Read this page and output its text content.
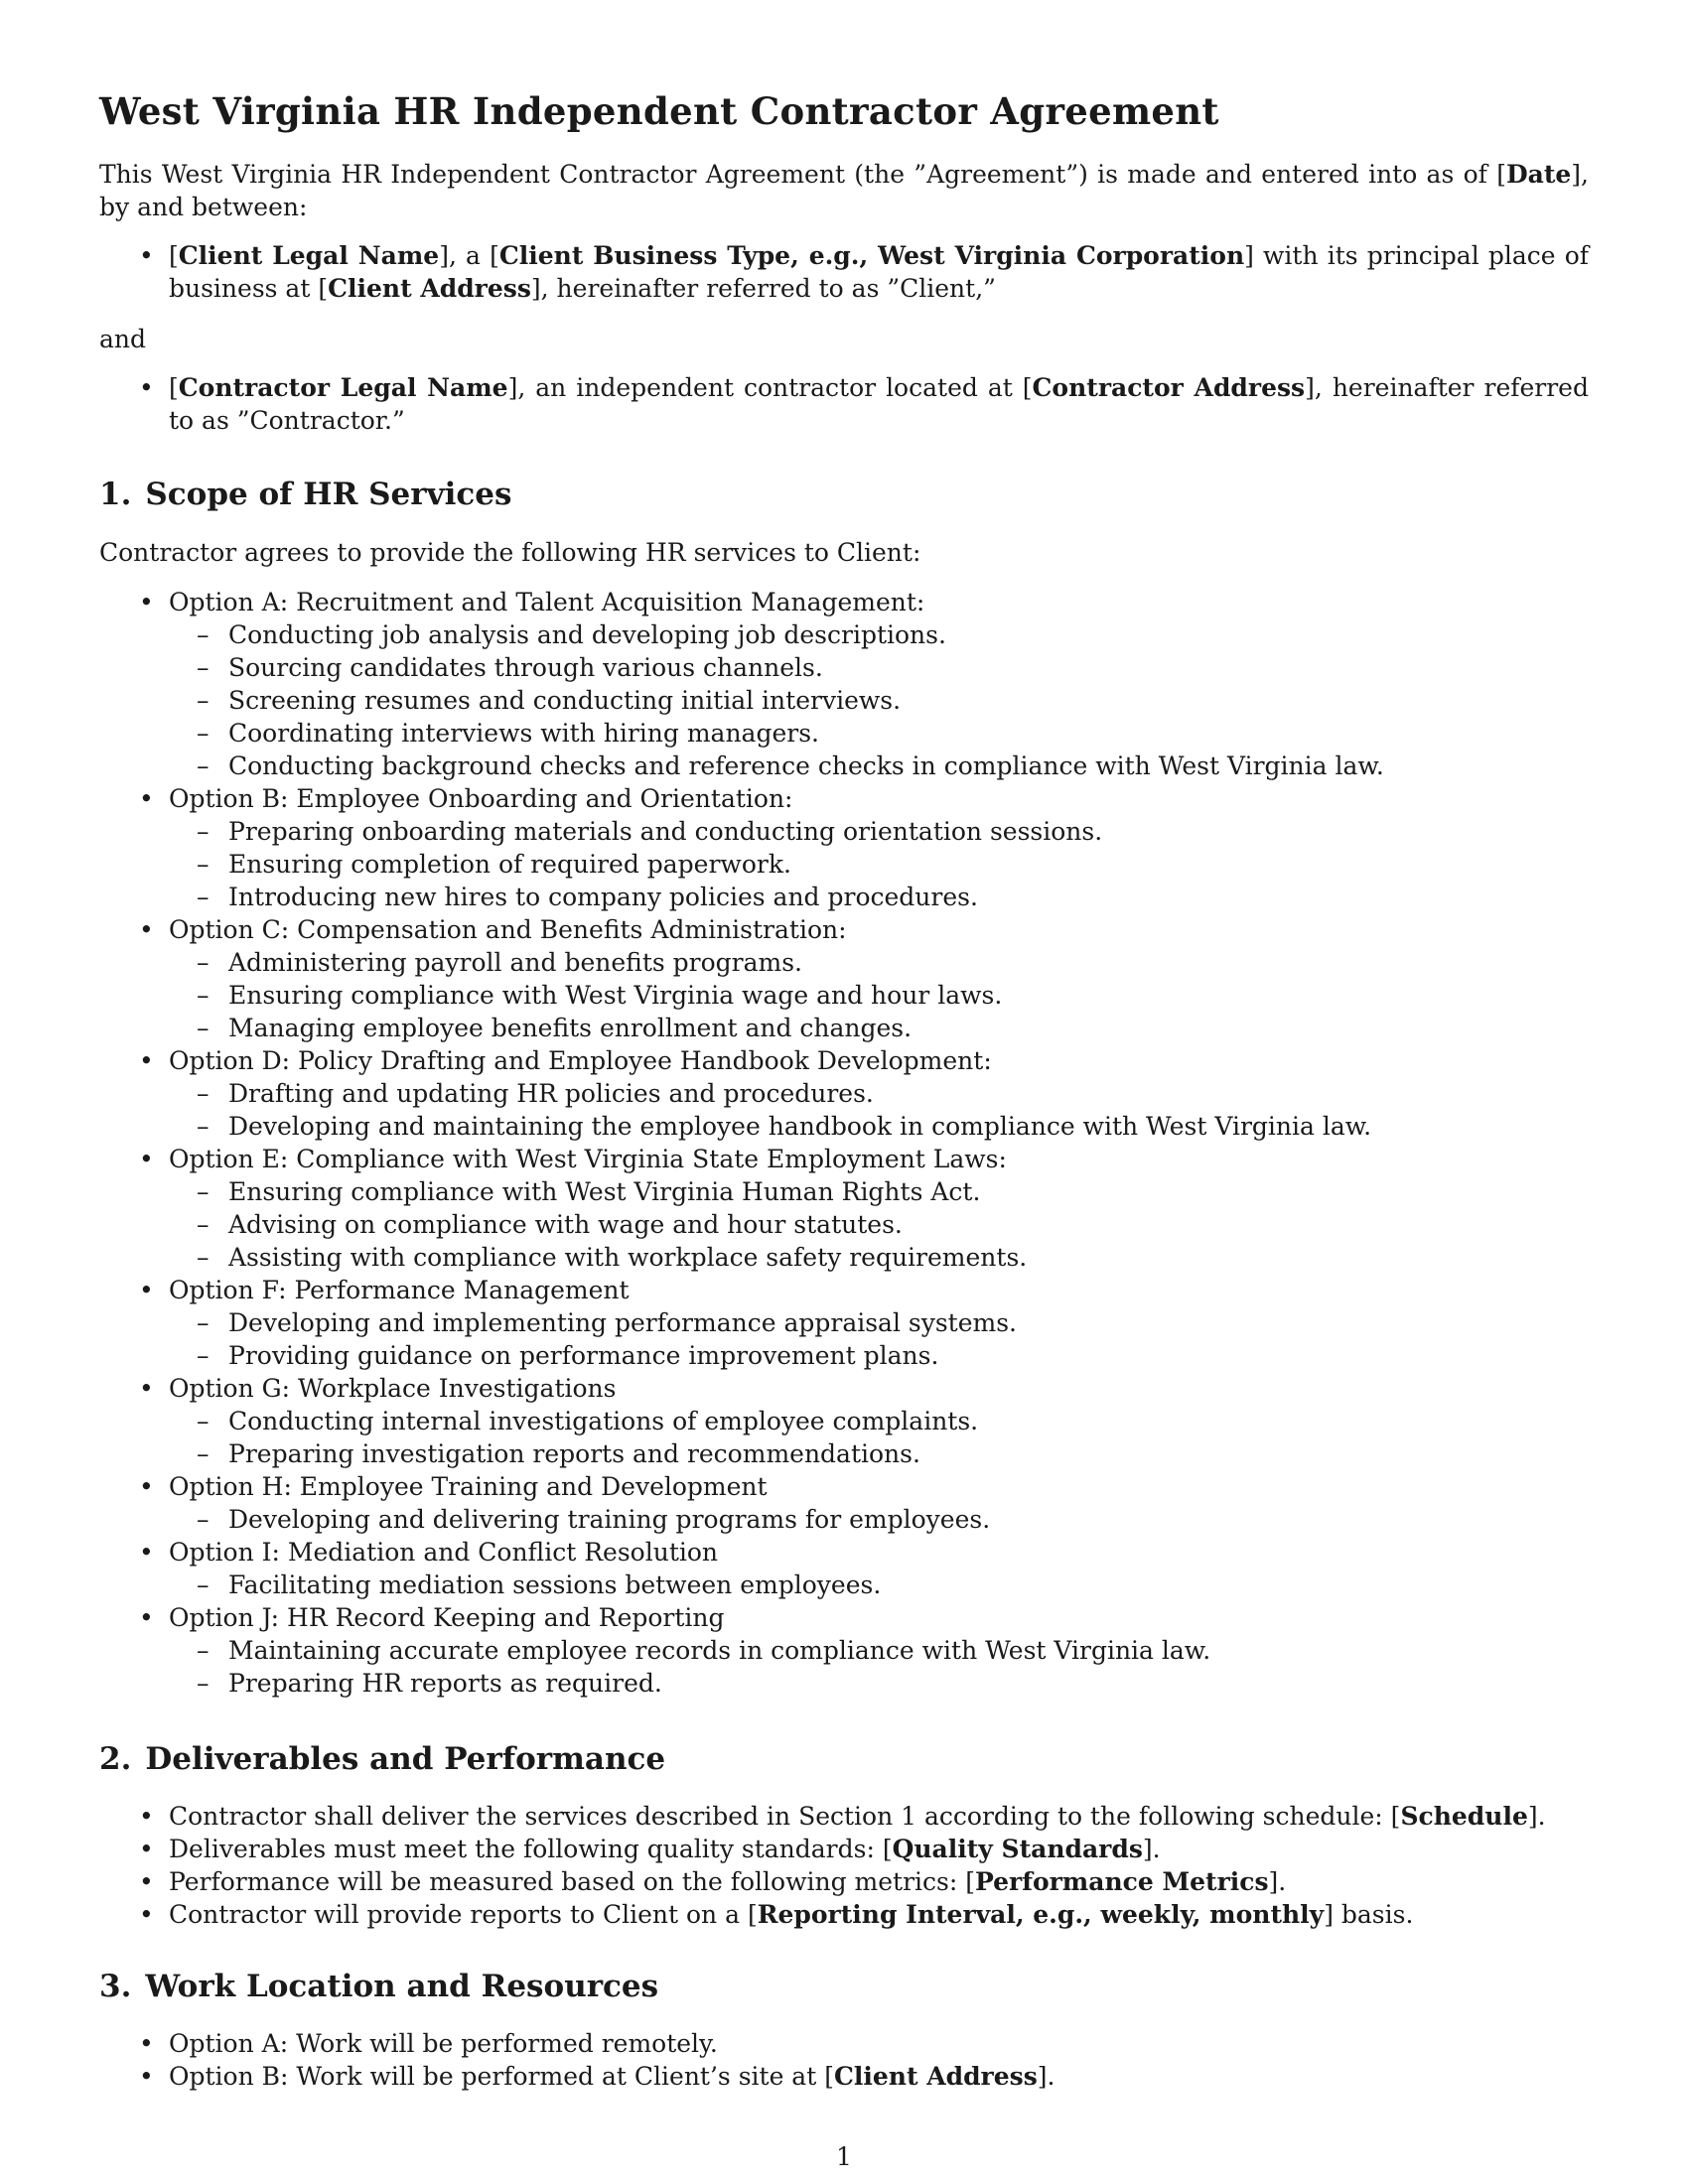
West Virginia HR Independent Contractor Agreement

This West Virginia HR Independent Contractor Agreement (the ”Agreement”) is made and entered into as of [Date], by and between:

• [Client Legal Name], a [Client Business Type, e.g., West Virginia Corporation] with its principal place of business at [Client Address], hereinafter referred to as ”Client,”

and

• [Contractor Legal Name], an independent contractor located at [Contractor Address], hereinafter referred to as ”Contractor.”
1. Scope of HR Services

Contractor agrees to provide the following HR services to Client:

• Option A: Recruitment and Talent Acquisition Management:
– Conducting job analysis and developing job descriptions.
– Sourcing candidates through various channels.
– Screening resumes and conducting initial interviews.
– Coordinating interviews with hiring managers.
– Conducting background checks and reference checks in compliance with West Virginia law.
• Option B: Employee Onboarding and Orientation:
– Preparing onboarding materials and conducting orientation sessions.
– Ensuring completion of required paperwork.
– Introducing new hires to company policies and procedures.
• Option C: Compensation and Benefits Administration:
– Administering payroll and benefits programs.
– Ensuring compliance with West Virginia wage and hour laws.
– Managing employee benefits enrollment and changes.
• Option D: Policy Drafting and Employee Handbook Development:
– Drafting and updating HR policies and procedures.
– Developing and maintaining the employee handbook in compliance with West Virginia law.
• Option E: Compliance with West Virginia State Employment Laws:
– Ensuring compliance with West Virginia Human Rights Act.
– Advising on compliance with wage and hour statutes.
– Assisting with compliance with workplace safety requirements.
• Option F: Performance Management
– Developing and implementing performance appraisal systems.
– Providing guidance on performance improvement plans.
• Option G: Workplace Investigations
– Conducting internal investigations of employee complaints.
– Preparing investigation reports and recommendations.
• Option H: Employee Training and Development
– Developing and delivering training programs for employees.
• Option I: Mediation and Conflict Resolution
– Facilitating mediation sessions between employees.
• Option J: HR Record Keeping and Reporting
– Maintaining accurate employee records in compliance with West Virginia law.
– Preparing HR reports as required.
2. Deliverables and Performance
• Contractor shall deliver the services described in Section 1 according to the following schedule: [Schedule].
• Deliverables must meet the following quality standards: [Quality Standards].
• Performance will be measured based on the following metrics: [Performance Metrics].
• Contractor will provide reports to Client on a [Reporting Interval, e.g., weekly, monthly] basis.
3. Work Location and Resources
• Option A: Work will be performed remotely.
• Option B: Work will be performed at Client’s site at [Client Address].
1
